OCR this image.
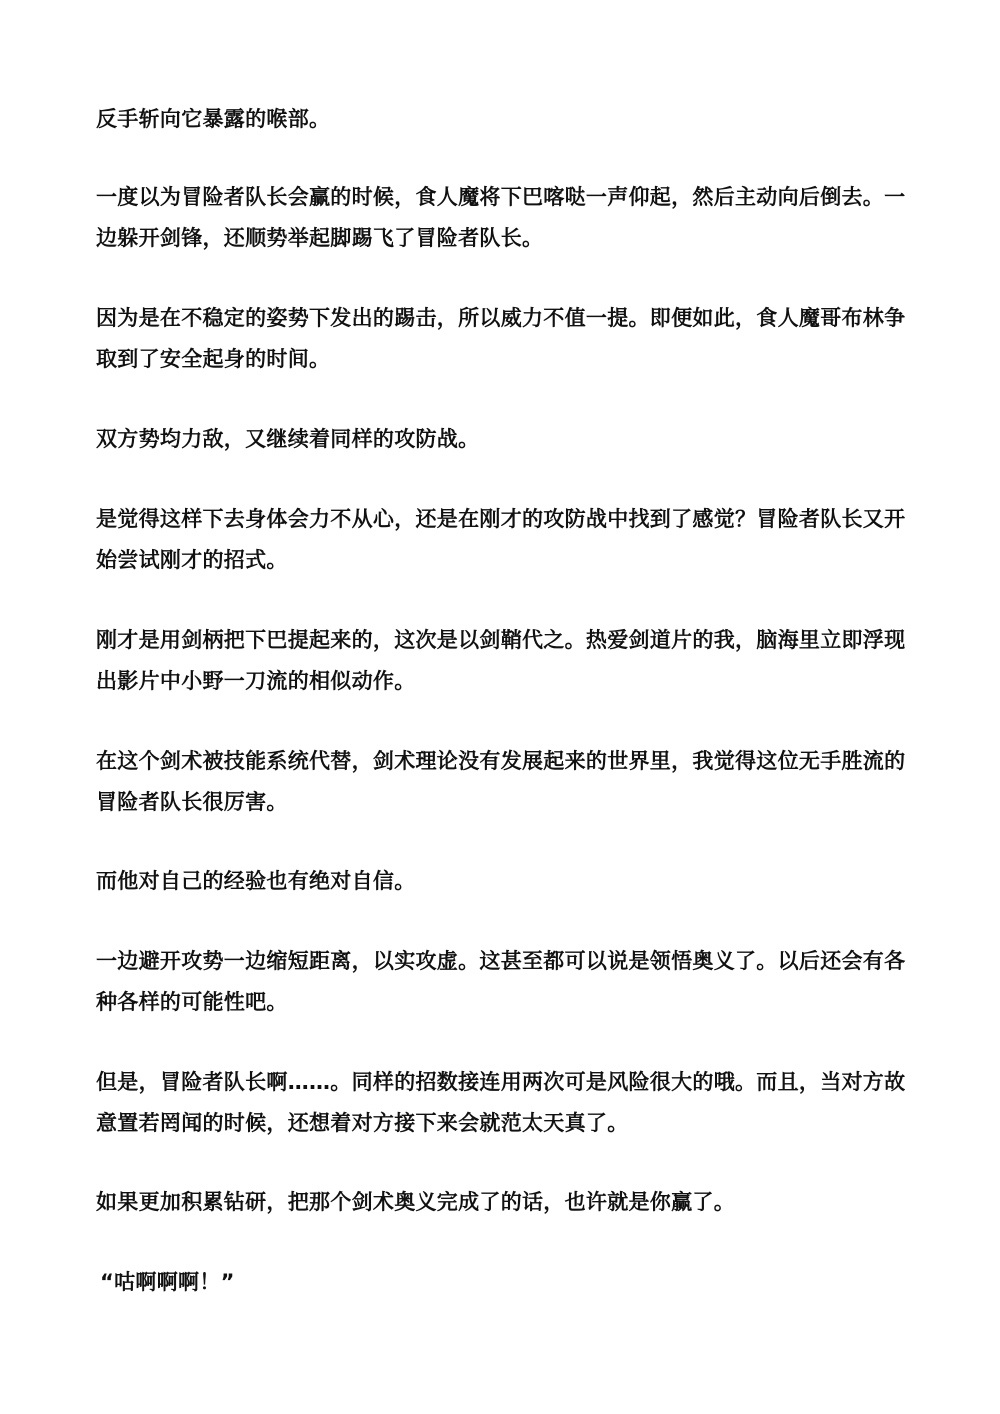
反手斩向它暴露的喉部。

一度以为冒险者队长会赢的时候，食人魔将下巴喀哒一声仰起，然后主动向后倒去。一边躲开剑锋，还顺势举起脚踢飞了冒险者队长。

因为是在不稳定的姿势下发出的踢击，所以威力不值一提。即便如此，食人魔哥布林争取到了安全起身的时间。

双方势均力敌，又继续着同样的攻防战。

是觉得这样下去身体会力不从心，还是在刚才的攻防战中找到了感觉？冒险者队长又开始尝试刚才的招式。

刚才是用剑柄把下巴提起来的，这次是以剑鞘代之。热爱剑道片的我，脑海里立即浮现出影片中小野一刀流的相似动作。

在这个剑术被技能系统代替，剑术理论没有发展起来的世界里，我觉得这位无手胜流的冒险者队长很厉害。

而他对自己的经验也有绝对自信。

一边避开攻势一边缩短距离，以实攻虚。这甚至都可以说是领悟奥义了。以后还会有各种各样的可能性吧。

但是，冒险者队长啊……。同样的招数接连用两次可是风险很大的哦。而且，当对方故意置若罔闻的时候，还想着对方接下来会就范太天真了。

如果更加积累钻研，把那个剑术奥义完成了的话，也许就是你赢了。

“咕啊啊啊！”
